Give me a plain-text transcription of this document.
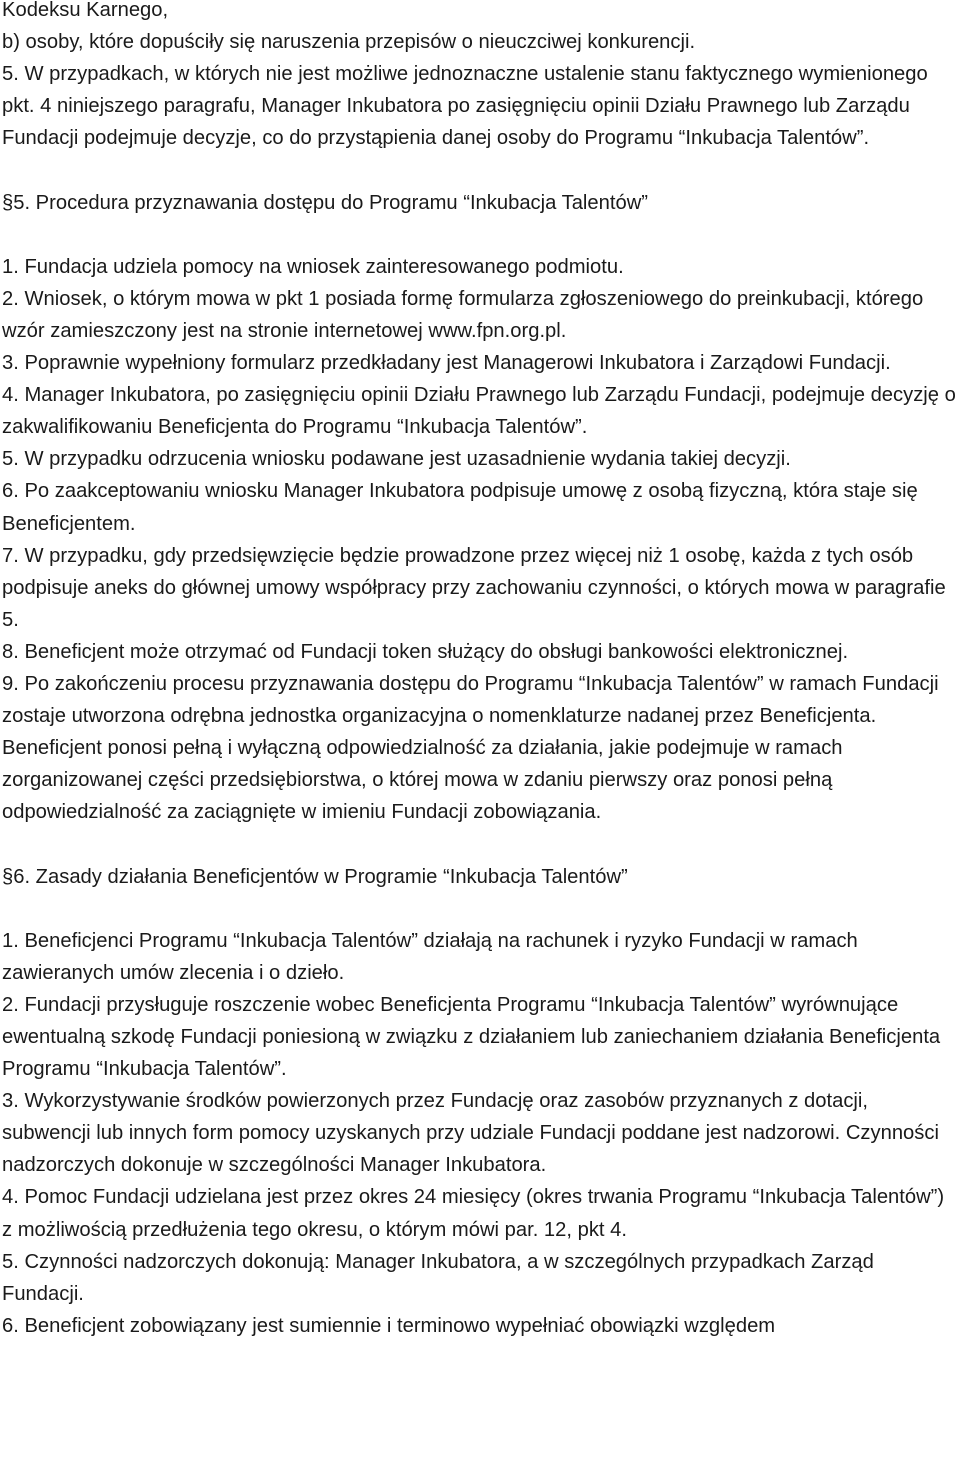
Kodeksu Karnego,

b) osoby, które dopuściły się naruszenia przepisów o nieuczciwej konkurencji.

5. W przypadkach, w których nie jest możliwe jednoznaczne ustalenie stanu faktycznego wymienionego pkt. 4 niniejszego paragrafu, Manager Inkubatora po zasięgnięciu opinii Działu Prawnego lub Zarządu Fundacji podejmuje decyzje, co do przystąpienia danej osoby do Programu “Inkubacja Talentów”.

§5. Procedura przyznawania dostępu do Programu “Inkubacja Talentów”

1. Fundacja udziela pomocy na wniosek zainteresowanego podmiotu.

2. Wniosek, o którym mowa w pkt 1 posiada formę formularza zgłoszeniowego do preinkubacji, którego wzór zamieszczony jest na stronie internetowej www.fpn.org.pl.

3. Poprawnie wypełniony formularz przedkładany jest Managerowi Inkubatora i Zarządowi Fundacji.

4. Manager Inkubatora, po zasięgnięciu opinii Działu Prawnego lub Zarządu Fundacji, podejmuje decyzję o zakwalifikowaniu Beneficjenta do Programu “Inkubacja Talentów”.

5. W przypadku odrzucenia wniosku podawane jest uzasadnienie wydania takiej decyzji.

6. Po zaakceptowaniu wniosku Manager Inkubatora podpisuje umowę z osobą fizyczną, która staje się Beneficjentem.

7. W przypadku, gdy przedsięwzięcie będzie prowadzone przez więcej niż 1 osobę, każda z tych osób podpisuje aneks do głównej umowy współpracy przy zachowaniu czynności, o których mowa w paragrafie 5.

8. Beneficjent może otrzymać od Fundacji token służący do obsługi bankowości elektronicznej.

9. Po zakończeniu procesu przyznawania dostępu do Programu “Inkubacja Talentów” w ramach Fundacji zostaje utworzona odrębna jednostka organizacyjna o nomenklaturze nadanej przez Beneficjenta. Beneficjent ponosi pełną i wyłączną odpowiedzialność za działania, jakie podejmuje w ramach zorganizowanej części przedsiębiorstwa, o której mowa w zdaniu pierwszy oraz ponosi pełną odpowiedzialność za zaciągnięte w imieniu Fundacji zobowiązania.

§6. Zasady działania Beneficjentów w Programie “Inkubacja Talentów”

1. Beneficjenci Programu “Inkubacja Talentów” działają na rachunek i ryzyko Fundacji w ramach zawieranych umów zlecenia i o dzieło.

2. Fundacji przysługuje roszczenie wobec Beneficjenta Programu “Inkubacja Talentów” wyrównujące ewentualną szkodę Fundacji poniesioną w związku z działaniem lub zaniechaniem działania Beneficjenta Programu “Inkubacja Talentów”.

3. Wykorzystywanie środków powierzonych przez Fundację oraz zasobów przyznanych z dotacji, subwencji lub innych form pomocy uzyskanych przy udziale Fundacji poddane jest nadzorowi. Czynności nadzorczych dokonuje w szczególności Manager Inkubatora.

4. Pomoc Fundacji udzielana jest przez okres 24 miesięcy (okres trwania Programu “Inkubacja Talentów”) z możliwością przedłużenia tego okresu, o którym mówi par. 12, pkt 4.

5. Czynności nadzorczych dokonują: Manager Inkubatora, a w szczególnych przypadkach Zarząd Fundacji.

6. Beneficjent zobowiązany jest sumiennie i terminowo wypełniać obowiązki względem
